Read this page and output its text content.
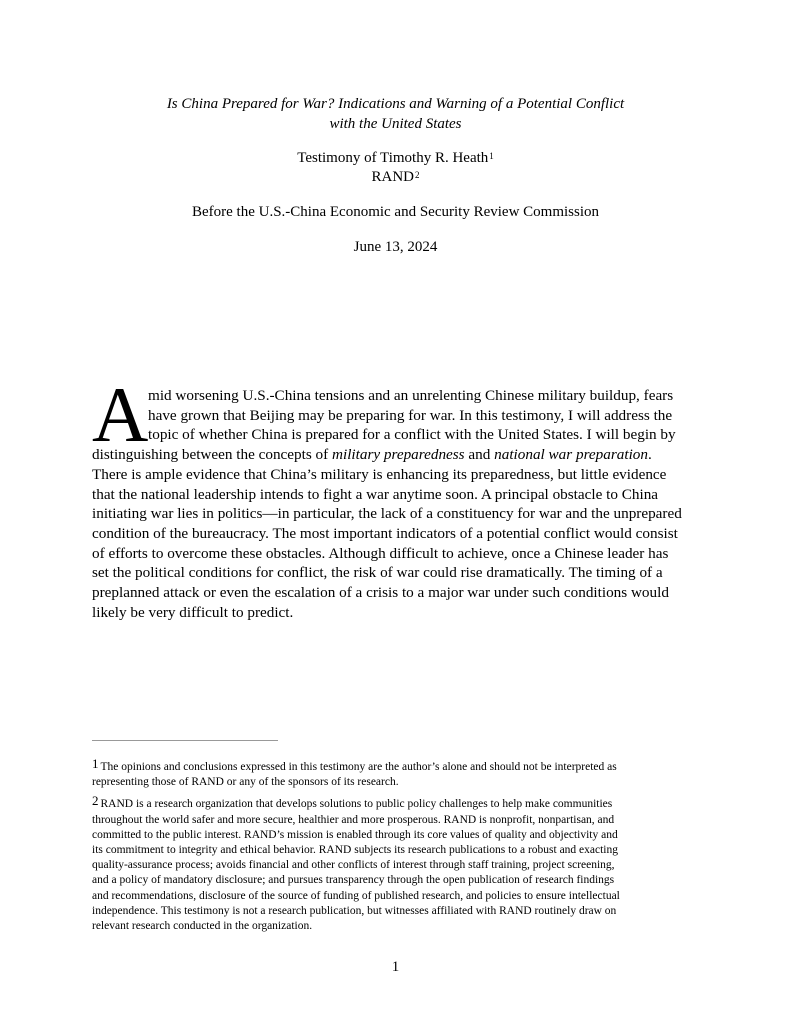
Is China Prepared for War? Indications and Warning of a Potential Conflict
with the United States
Testimony of Timothy R. Heath$^1$
RAND$^2$
Before the U.S.-China Economic and Security Review Commission
June 13, 2024
A mid worsening U.S.-China tensions and an unrelenting Chinese military buildup, fears
have grown that Beijing may be preparing for war. In this testimony, I will address the
topic of whether China is prepared for a conflict with the United States. I will begin by
distinguishing between the concepts of military preparedness and national war preparation.
There is ample evidence that China’s military is enhancing its preparedness, but little evidence
that the national leadership intends to fight a war anytime soon. A principal obstacle to China
initiating war lies in politics—in particular, the lack of a constituency for war and the unprepared
condition of the bureaucracy. The most important indicators of a potential conflict would consist
of efforts to overcome these obstacles. Although difficult to achieve, once a Chinese leader has
set the political conditions for conflict, the risk of war could rise dramatically. The timing of a
preplanned attack or even the escalation of a crisis to a major war under such conditions would
likely be very difficult to predict.
1 The opinions and conclusions expressed in this testimony are the author’s alone and should not be interpreted as
representing those of RAND or any of the sponsors of its research.
2 RAND is a research organization that develops solutions to public policy challenges to help make communities
throughout the world safer and more secure, healthier and more prosperous. RAND is nonprofit, nonpartisan, and
committed to the public interest. RAND’s mission is enabled through its core values of quality and objectivity and
its commitment to integrity and ethical behavior. RAND subjects its research publications to a robust and exacting
quality-assurance process; avoids financial and other conflicts of interest through staff training, project screening,
and a policy of mandatory disclosure; and pursues transparency through the open publication of research findings
and recommendations, disclosure of the source of funding of published research, and policies to ensure intellectual
independence. This testimony is not a research publication, but witnesses affiliated with RAND routinely draw on
relevant research conducted in the organization.
1
